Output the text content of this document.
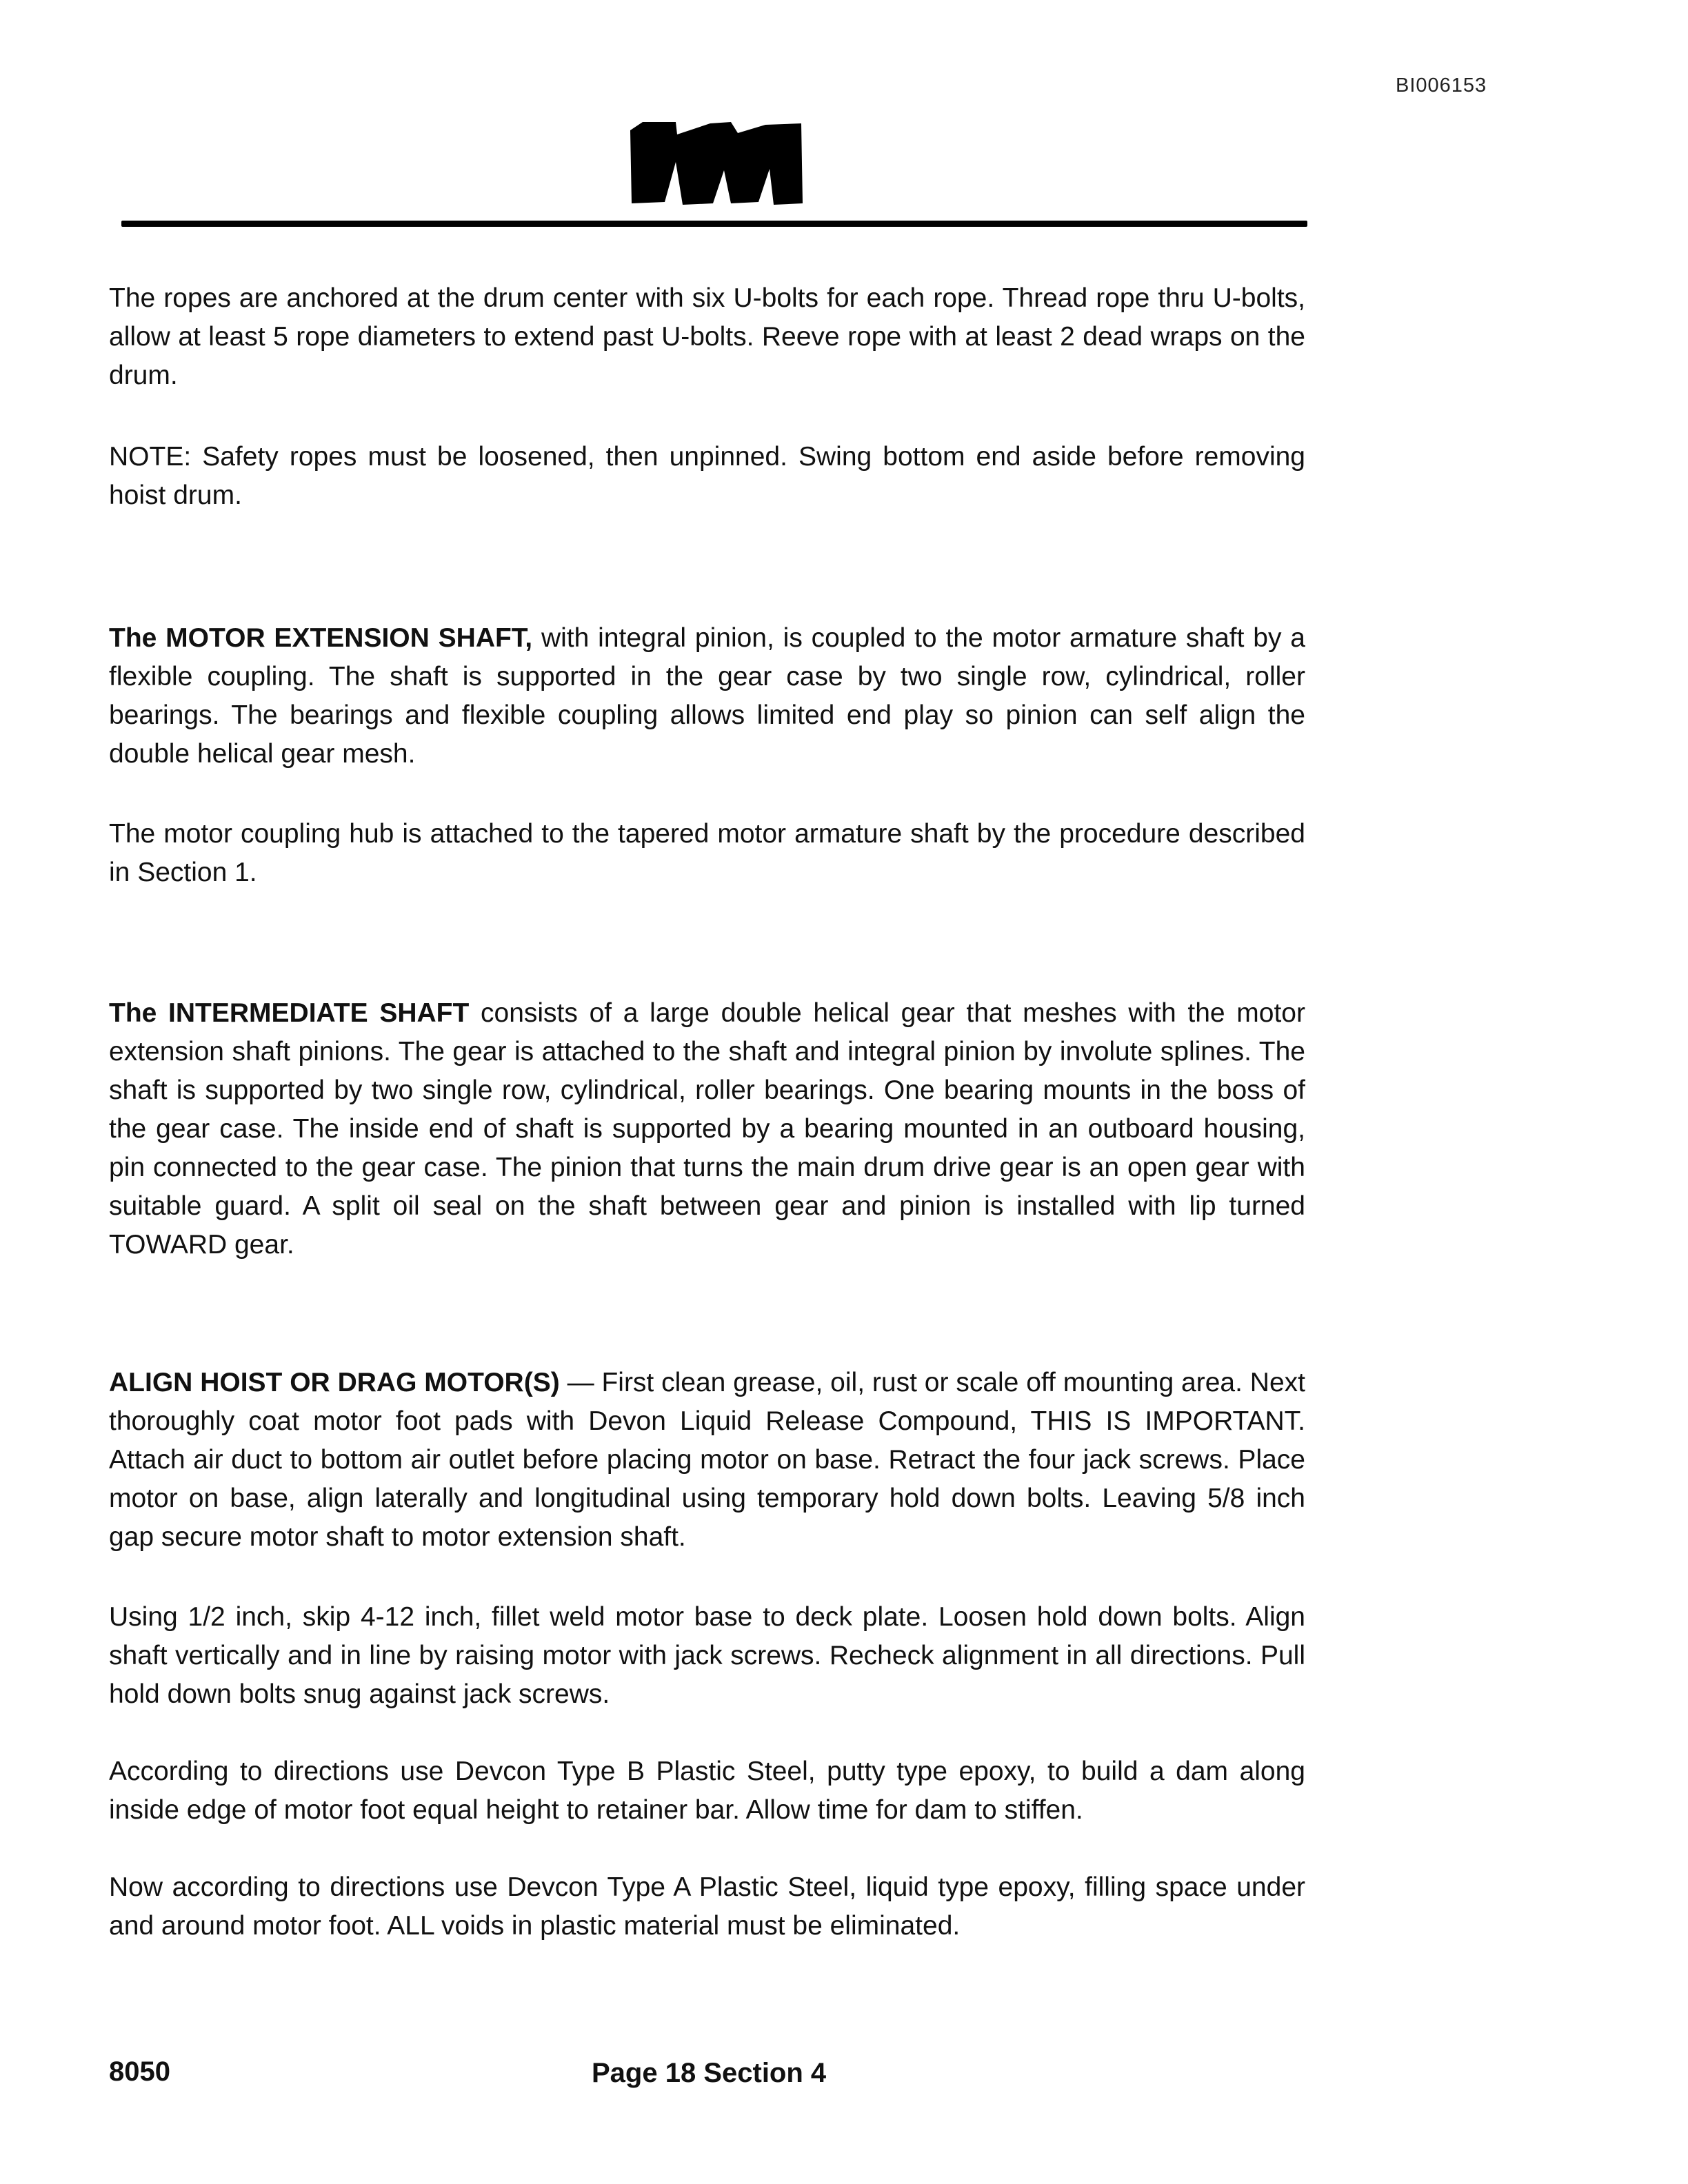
BI006153

The ropes are anchored at the drum center with six U-bolts for each rope. Thread rope thru U-bolts, allow at least 5 rope diameters to extend past U-bolts. Reeve rope with at least 2 dead wraps on the drum.

NOTE: Safety ropes must be loosened, then unpinned. Swing bottom end aside before removing hoist drum.

The MOTOR EXTENSION SHAFT, with integral pinion, is coupled to the motor armature shaft by a flexible coupling. The shaft is supported in the gear case by two single row, cylindrical, roller bearings. The bearings and flexible coupling allows limited end play so pinion can self align the double helical gear mesh.

The motor coupling hub is attached to the tapered motor armature shaft by the procedure described in Section 1.

The INTERMEDIATE SHAFT consists of a large double helical gear that meshes with the motor extension shaft pinions. The gear is attached to the shaft and integral pinion by involute splines. The shaft is supported by two single row, cylindrical, roller bearings. One bearing mounts in the boss of the gear case. The inside end of shaft is supported by a bearing mounted in an outboard housing, pin connected to the gear case. The pinion that turns the main drum drive gear is an open gear with suitable guard. A split oil seal on the shaft between gear and pinion is installed with lip turned TOWARD gear.

ALIGN HOIST OR DRAG MOTOR(S) — First clean grease, oil, rust or scale off mounting area. Next thoroughly coat motor foot pads with Devon Liquid Release Compound, THIS IS IMPORTANT. Attach air duct to bottom air outlet before placing motor on base. Retract the four jack screws. Place motor on base, align laterally and longitudinal using temporary hold down bolts. Leaving 5/8 inch gap secure motor shaft to motor extension shaft.

Using 1/2 inch, skip 4-12 inch, fillet weld motor base to deck plate. Loosen hold down bolts. Align shaft vertically and in line by raising motor with jack screws. Recheck alignment in all directions. Pull hold down bolts snug against jack screws.

According to directions use Devcon Type B Plastic Steel, putty type epoxy, to build a dam along inside edge of motor foot equal height to retainer bar. Allow time for dam to stiffen.

Now according to directions use Devcon Type A Plastic Steel, liquid type epoxy, filling space under and around motor foot. ALL voids in plastic material must be eliminated.

8050	Page 18 Section 4
